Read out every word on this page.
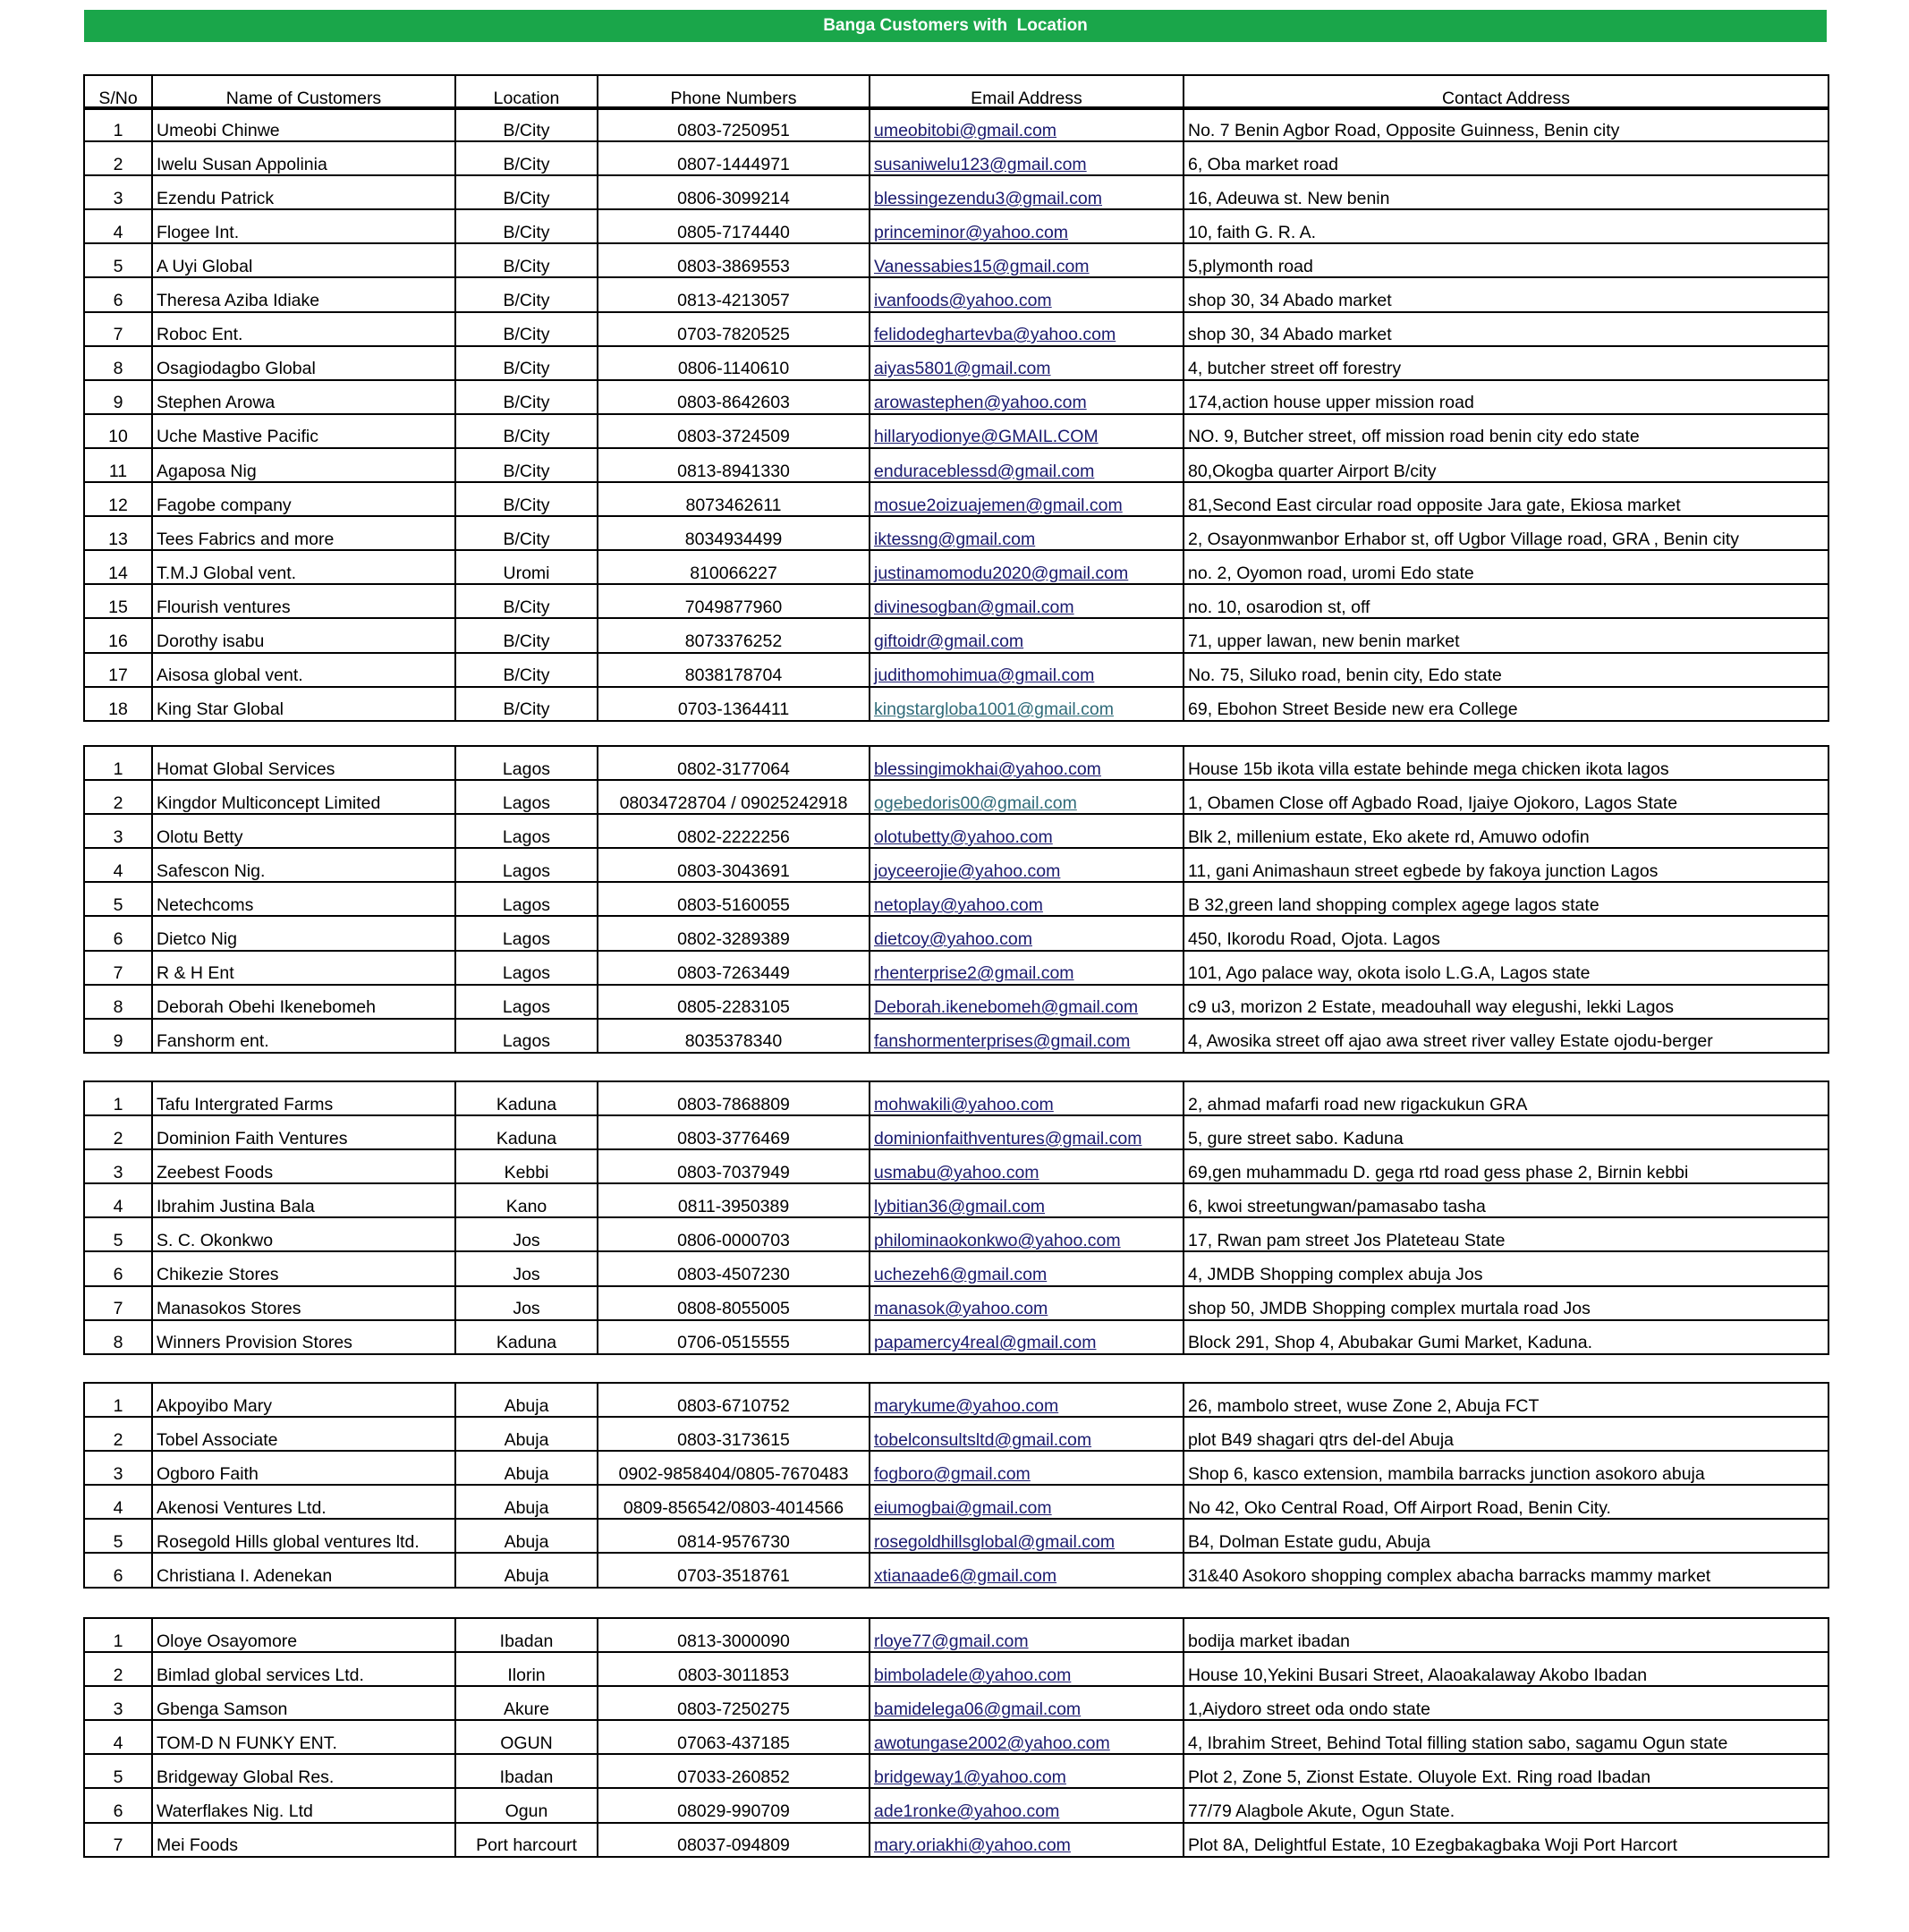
Banga Customers with  Location
S/No	Name of Customers	Location	Phone Numbers	Email Address	Contact Address
1	Umeobi Chinwe	B/City	0803-7250951	umeobitobi@gmail.com	No. 7 Benin Agbor Road, Opposite Guinness, Benin city
2	Iwelu Susan Appolinia	B/City	0807-1444971	susaniwelu123@gmail.com	6, Oba market road
3	Ezendu Patrick	B/City	0806-3099214	blessingezendu3@gmail.com	16, Adeuwa st. New benin
4	Flogee Int.	B/City	0805-7174440	princeminor@yahoo.com	10, faith G. R. A.
5	A Uyi Global	B/City	0803-3869553	Vanessabies15@gmail.com	5,plymonth road
6	Theresa Aziba Idiake	B/City	0813-4213057	ivanfoods@yahoo.com	shop 30, 34 Abado market
7	Roboc Ent.	B/City	0703-7820525	felidodeghartevba@yahoo.com	shop 30, 34 Abado market
8	Osagiodagbo Global	B/City	0806-1140610	aiyas5801@gmail.com	4, butcher street off forestry
9	Stephen Arowa	B/City	0803-8642603	arowastephen@yahoo.com	174,action house upper mission road
10	Uche Mastive Pacific	B/City	0803-3724509	hillaryodionye@GMAIL.COM	NO. 9, Butcher street, off mission road benin city edo state
11	Agaposa Nig	B/City	0813-8941330	enduraceblessd@gmail.com	80,Okogba quarter Airport B/city
12	Fagobe company	B/City	8073462611	mosue2oizuajemen@gmail.com	81,Second East circular road opposite Jara gate, Ekiosa market
13	Tees Fabrics and more	B/City	8034934499	iktessng@gmail.com	2, Osayonmwanbor Erhabor st, off Ugbor Village road, GRA , Benin city
14	T.M.J Global vent.	Uromi	810066227	justinamomodu2020@gmail.com	no. 2, Oyomon road, uromi Edo state
15	Flourish ventures	B/City	7049877960	divinesogban@gmail.com	no. 10, osarodion st, off
16	Dorothy isabu	B/City	8073376252	giftoidr@gmail.com	71, upper lawan, new benin market
17	Aisosa global vent.	B/City	8038178704	judithomohimua@gmail.com	No. 75, Siluko road, benin city, Edo state
18	King Star Global	B/City	0703-1364411	kingstargloba1001@gmail.com	69, Ebohon Street Beside new era College
1	Homat Global Services	Lagos	0802-3177064	blessingimokhai@yahoo.com	House 15b ikota villa estate behinde mega chicken ikota lagos
2	Kingdor Multiconcept Limited	Lagos	08034728704 / 09025242918	ogebedoris00@gmail.com	1, Obamen Close off Agbado Road, Ijaiye Ojokoro, Lagos State
3	Olotu Betty	Lagos	0802-2222256	olotubetty@yahoo.com	Blk 2, millenium estate, Eko akete rd, Amuwo odofin
4	Safescon Nig.	Lagos	0803-3043691	joyceerojie@yahoo.com	11, gani Animashaun street egbede by fakoya junction Lagos
5	Netechcoms	Lagos	0803-5160055	netoplay@yahoo.com	B 32,green land shopping complex agege lagos state
6	Dietco Nig	Lagos	0802-3289389	dietcoy@yahoo.com	450, Ikorodu Road, Ojota. Lagos
7	R & H Ent	Lagos	0803-7263449	rhenterprise2@gmail.com	101, Ago palace way, okota isolo L.G.A, Lagos state
8	Deborah Obehi Ikenebomeh	Lagos	0805-2283105	Deborah.ikenebomeh@gmail.com	c9 u3, morizon 2 Estate, meadouhall way elegushi, lekki Lagos
9	Fanshorm ent.	Lagos	8035378340	fanshormenterprises@gmail.com	4, Awosika street off ajao awa street river valley Estate ojodu-berger
1	Tafu Intergrated Farms	Kaduna	0803-7868809	mohwakili@yahoo.com	2, ahmad mafarfi road new rigackukun GRA
2	Dominion Faith Ventures	Kaduna	0803-3776469	dominionfaithventures@gmail.com	5, gure street sabo. Kaduna
3	Zeebest Foods	Kebbi	0803-7037949	usmabu@yahoo.com	69,gen muhammadu D. gega rtd road gess phase 2, Birnin kebbi
4	Ibrahim Justina Bala	Kano	0811-3950389	lybitian36@gmail.com	6, kwoi streetungwan/pamasabo tasha
5	S. C. Okonkwo	Jos	0806-0000703	philominaokonkwo@yahoo.com	17, Rwan pam street Jos Plateteau State
6	Chikezie Stores	Jos	0803-4507230	uchezeh6@gmail.com	4, JMDB Shopping complex abuja Jos
7	Manasokos Stores	Jos	0808-8055005	manasok@yahoo.com	shop 50, JMDB Shopping complex murtala road Jos
8	Winners Provision Stores	Kaduna	0706-0515555	papamercy4real@gmail.com	Block 291, Shop 4, Abubakar Gumi Market, Kaduna.
1	Akpoyibo Mary	Abuja	0803-6710752	marykume@yahoo.com	26, mambolo street, wuse Zone 2, Abuja FCT
2	Tobel Associate	Abuja	0803-3173615	tobelconsultsltd@gmail.com	plot B49 shagari qtrs del-del Abuja
3	Ogboro Faith	Abuja	0902-9858404/0805-7670483	fogboro@gmail.com	Shop 6, kasco extension, mambila barracks junction asokoro abuja
4	Akenosi Ventures Ltd.	Abuja	0809-856542/0803-4014566	eiumogbai@gmail.com	No 42, Oko Central Road, Off Airport Road, Benin City.
5	Rosegold Hills global ventures ltd.	Abuja	0814-9576730	rosegoldhillsglobal@gmail.com	B4, Dolman Estate gudu, Abuja
6	Christiana I. Adenekan	Abuja	0703-3518761	xtianaade6@gmail.com	31&40 Asokoro shopping complex abacha barracks mammy market
1	Oloye Osayomore	Ibadan	0813-3000090	rloye77@gmail.com	bodija market ibadan
2	Bimlad global services Ltd.	Ilorin	0803-3011853	bimboladele@yahoo.com	House 10,Yekini Busari Street, Alaoakalaway Akobo Ibadan
3	Gbenga Samson	Akure	0803-7250275	bamidelega06@gmail.com	1,Aiydoro street oda ondo state
4	TOM-D N FUNKY ENT.	OGUN	07063-437185	awotungase2002@yahoo.com	4, Ibrahim Street, Behind Total filling station sabo, sagamu Ogun state
5	Bridgeway Global Res.	Ibadan	07033-260852	bridgeway1@yahoo.com	Plot 2, Zone 5, Zionst Estate. Oluyole Ext. Ring road Ibadan
6	Waterflakes Nig. Ltd	Ogun	08029-990709	ade1ronke@yahoo.com	77/79 Alagbole Akute, Ogun State.
7	Mei Foods	Port harcourt	08037-094809	mary.oriakhi@yahoo.com	Plot 8A, Delightful Estate, 10 Ezegbakagbaka Woji Port Harcort
